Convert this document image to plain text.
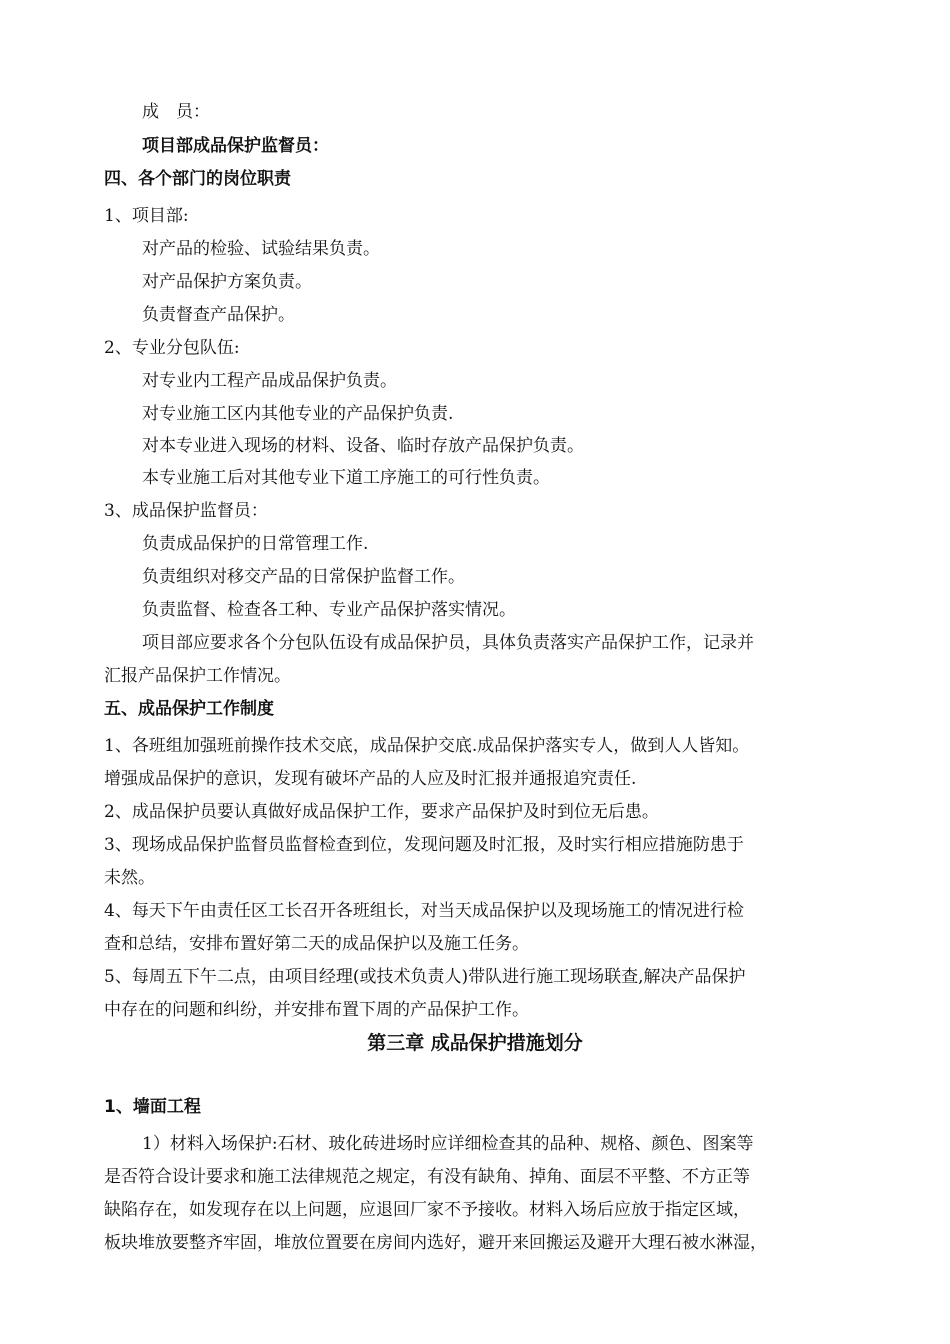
成　员：
项目部成品保护监督员：
四、各个部门的岗位职责
1、项目部:
对产品的检验、试验结果负责。
对产品保护方案负责。
负责督查产品保护。
2、专业分包队伍:
对专业内工程产品成品保护负责。
对专业施工区内其他专业的产品保护负责.
对本专业进入现场的材料、设备、临时存放产品保护负责。
本专业施工后对其他专业下道工序施工的可行性负责。
3、成品保护监督员：
负责成品保护的日常管理工作.
负责组织对移交产品的日常保护监督工作。
负责监督、检查各工种、专业产品保护落实情况。
项目部应要求各个分包队伍设有成品保护员，具体负责落实产品保护工作，记录并
汇报产品保护工作情况。
五、成品保护工作制度
1、各班组加强班前操作技术交底，成品保护交底.成品保护落实专人，做到人人皆知。
增强成品保护的意识，发现有破坏产品的人应及时汇报并通报追究责任.
2、成品保护员要认真做好成品保护工作，要求产品保护及时到位无后患。
3、现场成品保护监督员监督检查到位，发现问题及时汇报，及时实行相应措施防患于
未然。
4、每天下午由责任区工长召开各班组长，对当天成品保护以及现场施工的情况进行检
查和总结，安排布置好第二天的成品保护以及施工任务。
5、每周五下午二点，由项目经理(或技术负责人)带队进行施工现场联查,解决产品保护
中存在的问题和纠纷，并安排布置下周的产品保护工作。
第三章 成品保护措施划分
1、墙面工程
1）材料入场保护:石材、玻化砖进场时应详细检查其的品种、规格、颜色、图案等
是否符合设计要求和施工法律规范之规定，有没有缺角、掉角、面层不平整、不方正等
缺陷存在，如发现存在以上问题，应退回厂家不予接收。材料入场后应放于指定区域，
板块堆放要整齐牢固，堆放位置要在房间内选好，避开来回搬运及避开大理石被水淋湿，
